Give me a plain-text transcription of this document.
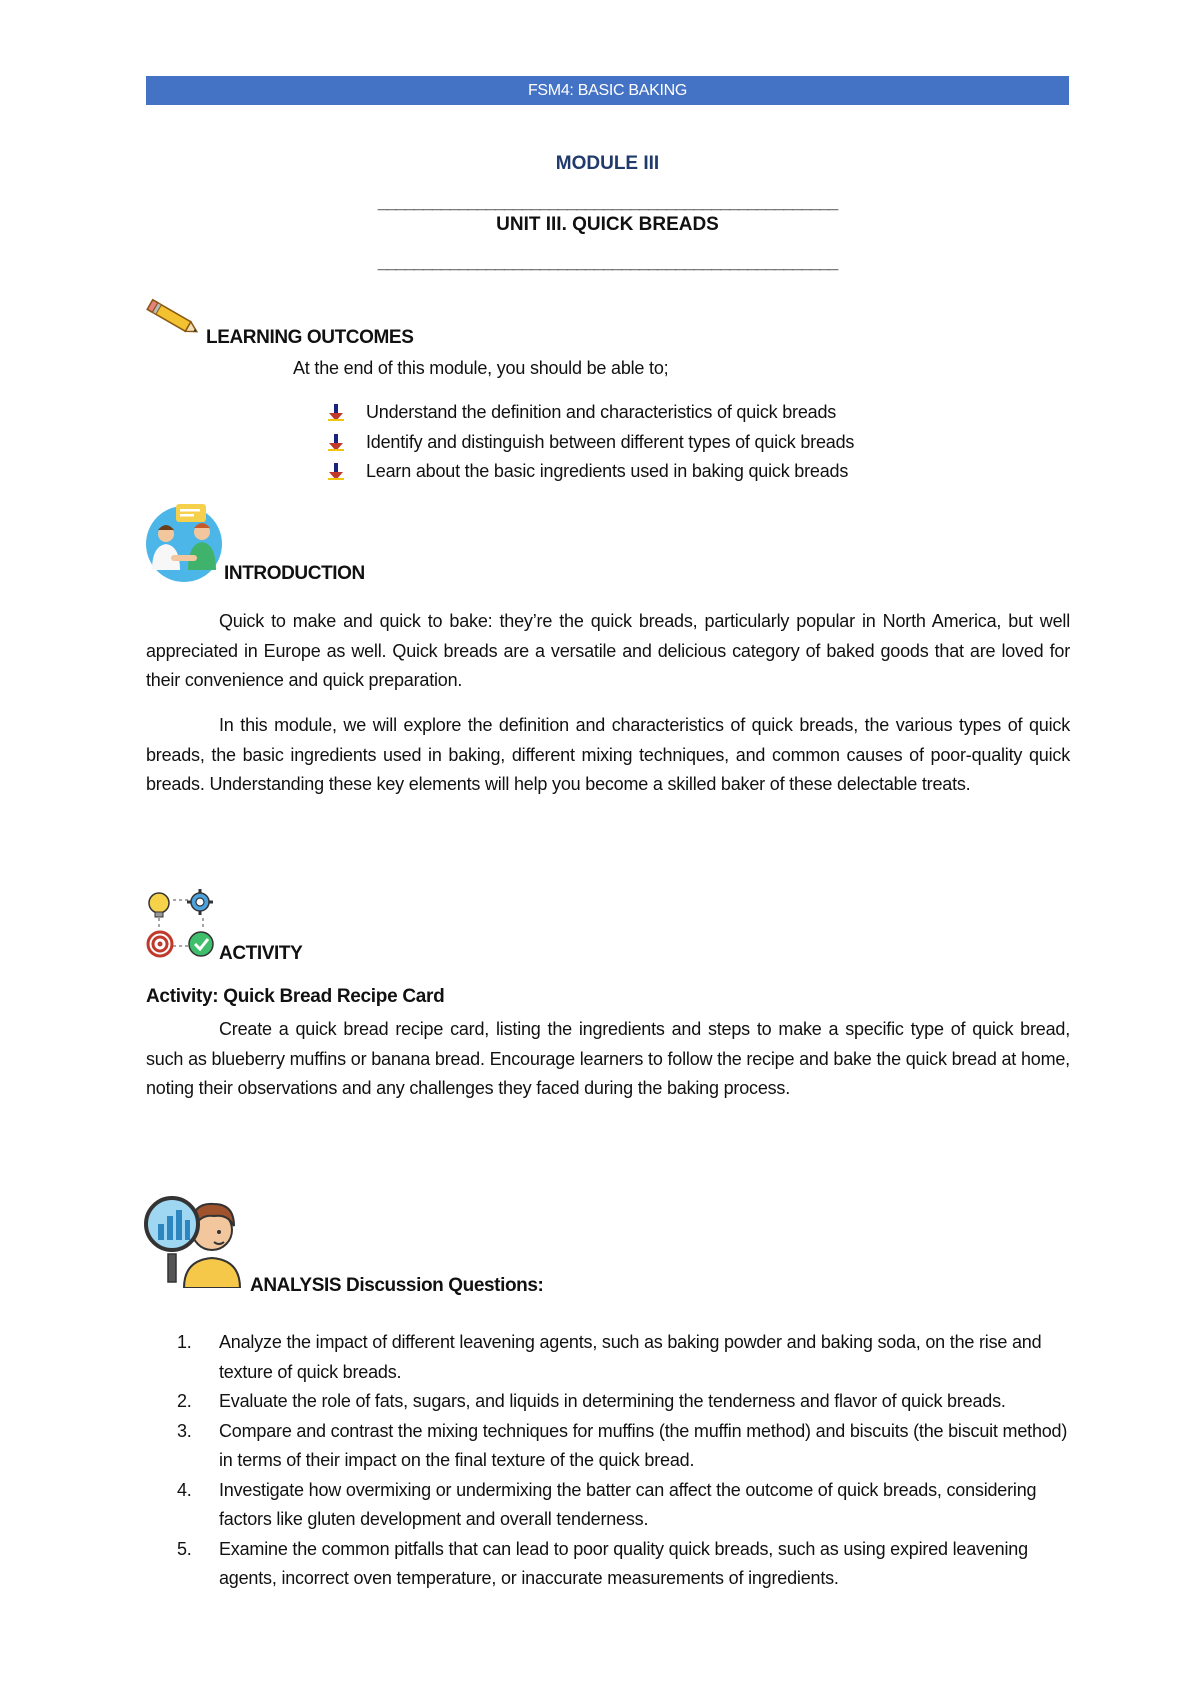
FSM4: BASIC BAKING
MODULE III
___________________________________________________
UNIT III. QUICK BREADS
___________________________________________________
LEARNING OUTCOMES
At the end of this module, you should be able to;
Understand the definition and characteristics of quick breads
Identify and distinguish between different types of quick breads
Learn about the basic ingredients used in baking quick breads
INTRODUCTION

Quick to make and quick to bake: they’re the quick breads, particularly popular in North America, but well appreciated in Europe as well. Quick breads are a versatile and delicious category of baked goods that are loved for their convenience and quick preparation.

In this module, we will explore the definition and characteristics of quick breads, the various types of quick breads, the basic ingredients used in baking, different mixing techniques, and common causes of poor-quality quick breads. Understanding these key elements will help you become a skilled baker of these delectable treats.

ACTIVITY
Activity: Quick Bread Recipe Card

Create a quick bread recipe card, listing the ingredients and steps to make a specific type of quick bread, such as blueberry muffins or banana bread. Encourage learners to follow the recipe and bake the quick bread at home, noting their observations and any challenges they faced during the baking process.

ANALYSIS Discussion Questions:
1. Analyze the impact of different leavening agents, such as baking powder and baking soda, on the rise and texture of quick breads.
2. Evaluate the role of fats, sugars, and liquids in determining the tenderness and flavor of quick breads.
3. Compare and contrast the mixing techniques for muffins (the muffin method) and biscuits (the biscuit method) in terms of their impact on the final texture of the quick bread.
4. Investigate how overmixing or undermixing the batter can affect the outcome of quick breads, considering factors like gluten development and overall tenderness.
5. Examine the common pitfalls that can lead to poor quality quick breads, such as using expired leavening agents, incorrect oven temperature, or inaccurate measurements of ingredients.
